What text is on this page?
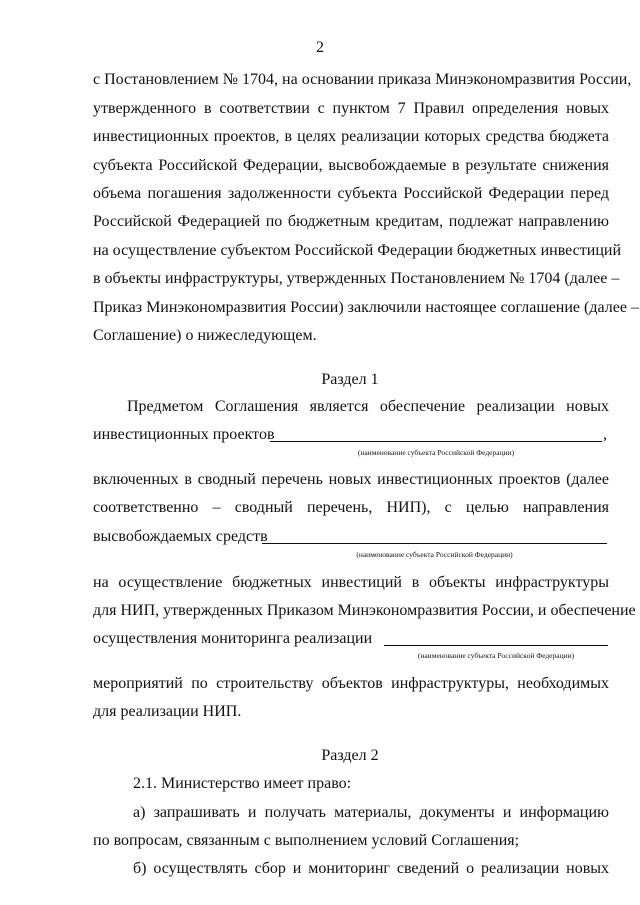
2
с Постановлением № 1704, на основании приказа Минэкономразвития России,
утвержденного в соответствии с пунктом 7 Правил определения новых
инвестиционных проектов, в целях реализации которых средства бюджета
субъекта Российской Федерации, высвобождаемые в результате снижения
объема погашения задолженности субъекта Российской Федерации перед
Российской Федерацией по бюджетным кредитам, подлежат направлению
на осуществление субъектом Российской Федерации бюджетных инвестиций
в объекты инфраструктуры, утвержденных Постановлением № 1704 (далее –
Приказ Минэкономразвития России) заключили настоящее соглашение (далее –
Соглашение) о нижеследующем.
Раздел 1
Предметом Соглашения является обеспечение реализации новых
инвестиционных проектов	,
(наименование субъекта Российской Федерации)
включенных в сводный перечень новых инвестиционных проектов (далее
соответственно – сводный перечень, НИП), с целью направления
высвобождаемых средств
(наименование субъекта Российской Федерации)
на осуществление бюджетных инвестиций в объекты инфраструктуры
для НИП, утвержденных Приказом Минэкономразвития России, и обеспечение
осуществления мониторинга реализации
(наименование субъекта Российской Федерации)
мероприятий по строительству объектов инфраструктуры, необходимых
для реализации НИП.
Раздел 2
2.1. Министерство имеет право:
а) запрашивать и получать материалы, документы и информацию
по вопросам, связанным с выполнением условий Соглашения;
б) осуществлять сбор и мониторинг сведений о реализации новых
